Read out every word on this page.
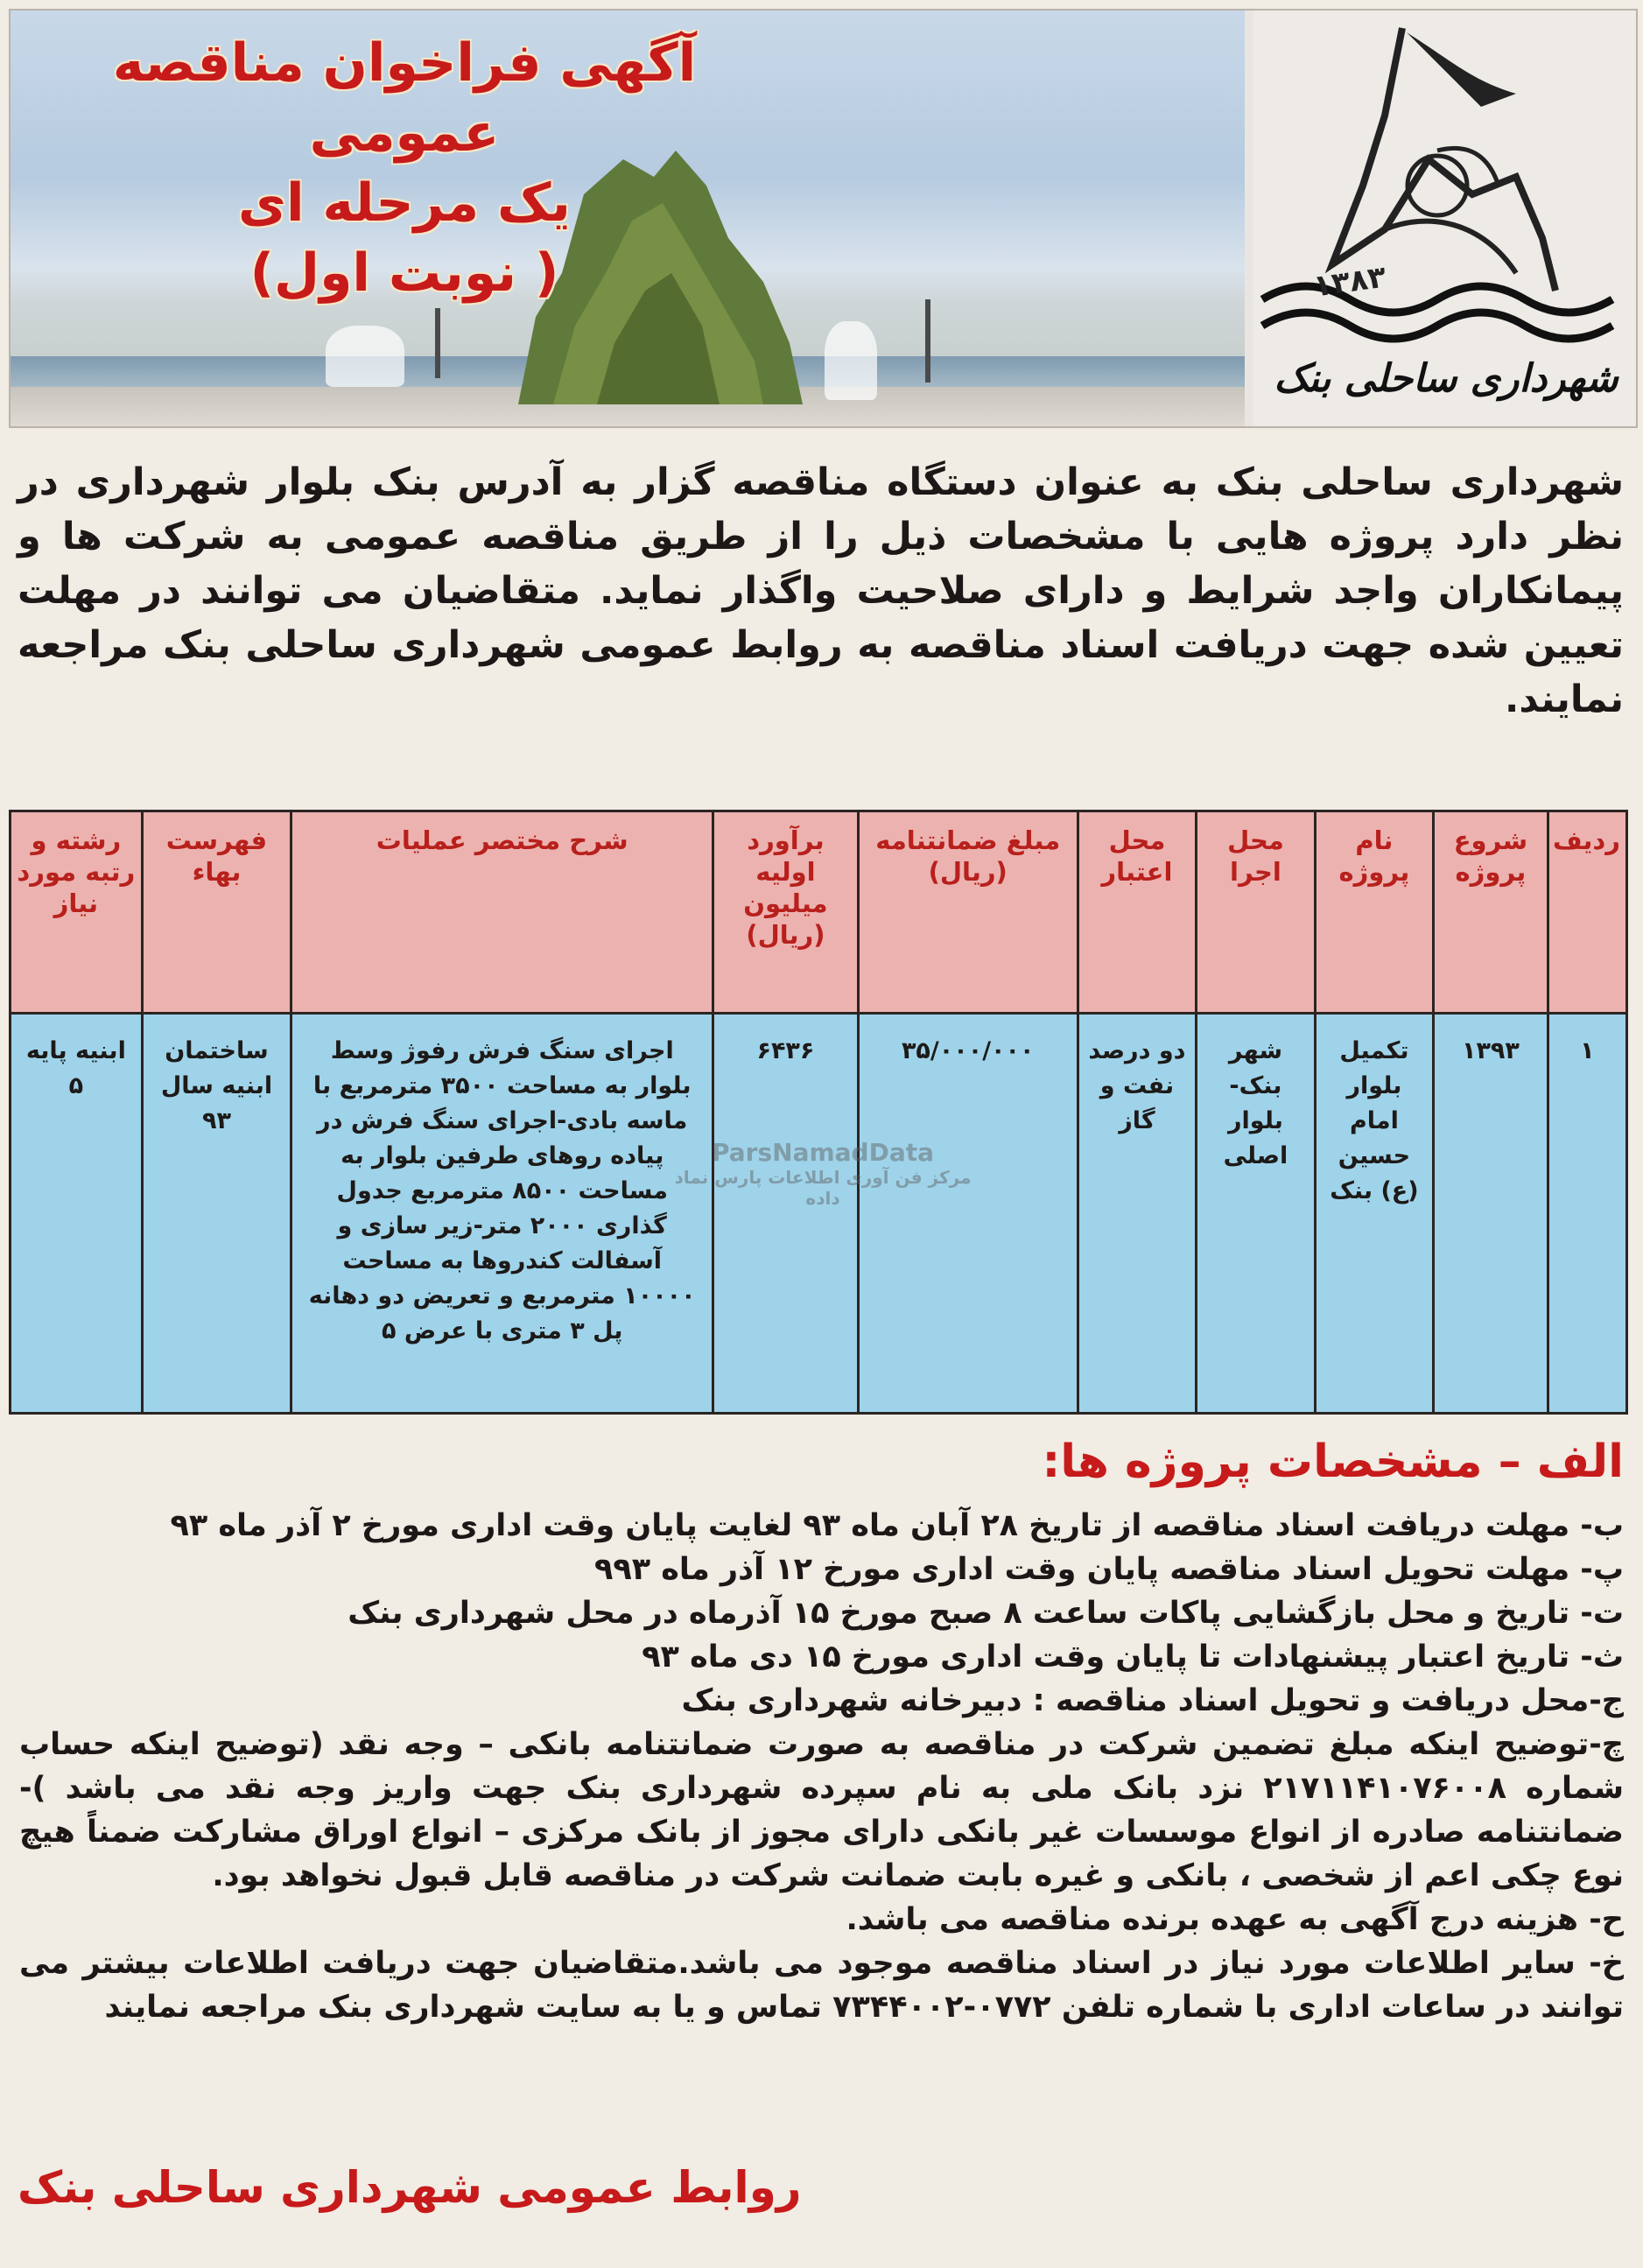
آگهی فراخوان مناقصه عمومی
یک مرحله ای
( نوبت اول)	۱۳۸۳
شهرداری ساحلی بنک
شهرداری ساحلی بنک به عنوان دستگاه مناقصه گزار به آدرس بنک بلوار شهرداری در نظر دارد پروژه هایی با مشخصات ذیل را از طریق مناقصه عمومی به شرکت ها و پیمانکاران واجد شرایط و دارای صلاحیت واگذار نماید. متقاضیان می توانند در مهلت تعیین شده جهت دریافت اسناد مناقصه به روابط عمومی شهرداری ساحلی بنک مراجعه نمایند.
ردیف	شروع پروژه	نام پروژه	محل اجرا	محل اعتبار	مبلغ ضمانتنامه (ریال)	برآورد اولیه میلیون (ریال)	شرح مختصر عملیات	فهرست بهاء	رشته و رتبه مورد نیاز
۱	۱۳۹۳	تکمیل بلوار امام حسین (ع) بنک	شهر بنک- بلوار اصلی	دو درصد نفت و گاز	۳۵/۰۰۰/۰۰۰	۶۴۳۶	اجرای سنگ فرش رفوژ وسط بلوار به مساحت ۳۵۰۰ مترمربع با ماسه بادی-اجرای سنگ فرش در پیاده روهای طرفین بلوار به مساحت ۸۵۰۰ مترمربع جدول گذاری ۲۰۰۰ متر-زیر سازی و آسفالت کندروها به مساحت ۱۰۰۰۰ مترمربع و تعریض دو دهانه پل ۳ متری با عرض ۵	ساختمان ابنیه سال ۹۳	ابنیه پایه ۵
ParsNamadData
مرکز فن آوری اطلاعات پارس نماد داده
الف – مشخصات پروژه ها:

ب- مهلت دریافت اسناد مناقصه از تاریخ ۲۸ آبان ماه ۹۳ لغایت پایان وقت اداری مورخ ۲ آذر ماه ۹۳

پ- مهلت تحویل اسناد مناقصه پایان وقت اداری مورخ ۱۲ آذر ماه ۹۹۳

ت- تاریخ و محل بازگشایی پاکات ساعت ۸ صبح مورخ ۱۵ آذرماه در محل شهرداری بنک

ث- تاریخ اعتبار پیشنهادات تا پایان وقت اداری مورخ ۱۵ دی ماه ۹۳

ج-محل دریافت و تحویل اسناد مناقصه : دبیرخانه شهرداری بنک

چ-توضیح اینکه مبلغ تضمین شرکت در مناقصه به صورت ضمانتنامه بانکی – وجه نقد (توضیح اینکه حساب شماره ۲۱۷۱۱۴۱۰۷۶۰۰۸ نزد بانک ملی به نام سپرده شهرداری بنک جهت واریز وجه نقد می باشد )- ضمانتنامه صادره از انواع موسسات غیر بانکی دارای مجوز از بانک مرکزی – انواع اوراق مشارکت ضمناً هیچ نوع چکی اعم از شخصی ، بانکی و غیره بابت ضمانت شرکت در مناقصه قابل قبول نخواهد بود.

ح- هزینه درج آگهی به عهده برنده مناقصه می باشد.

خ- سایر اطلاعات مورد نیاز در اسناد مناقصه موجود می باشد.متقاضیان جهت دریافت اطلاعات بیشتر می توانند در ساعات اداری با شماره تلفن ۰۷۷۲-۷۳۴۴۰۰۲ تماس و یا به سایت شهرداری بنک مراجعه نمایند

روابط عمومی شهرداری ساحلی بنک
